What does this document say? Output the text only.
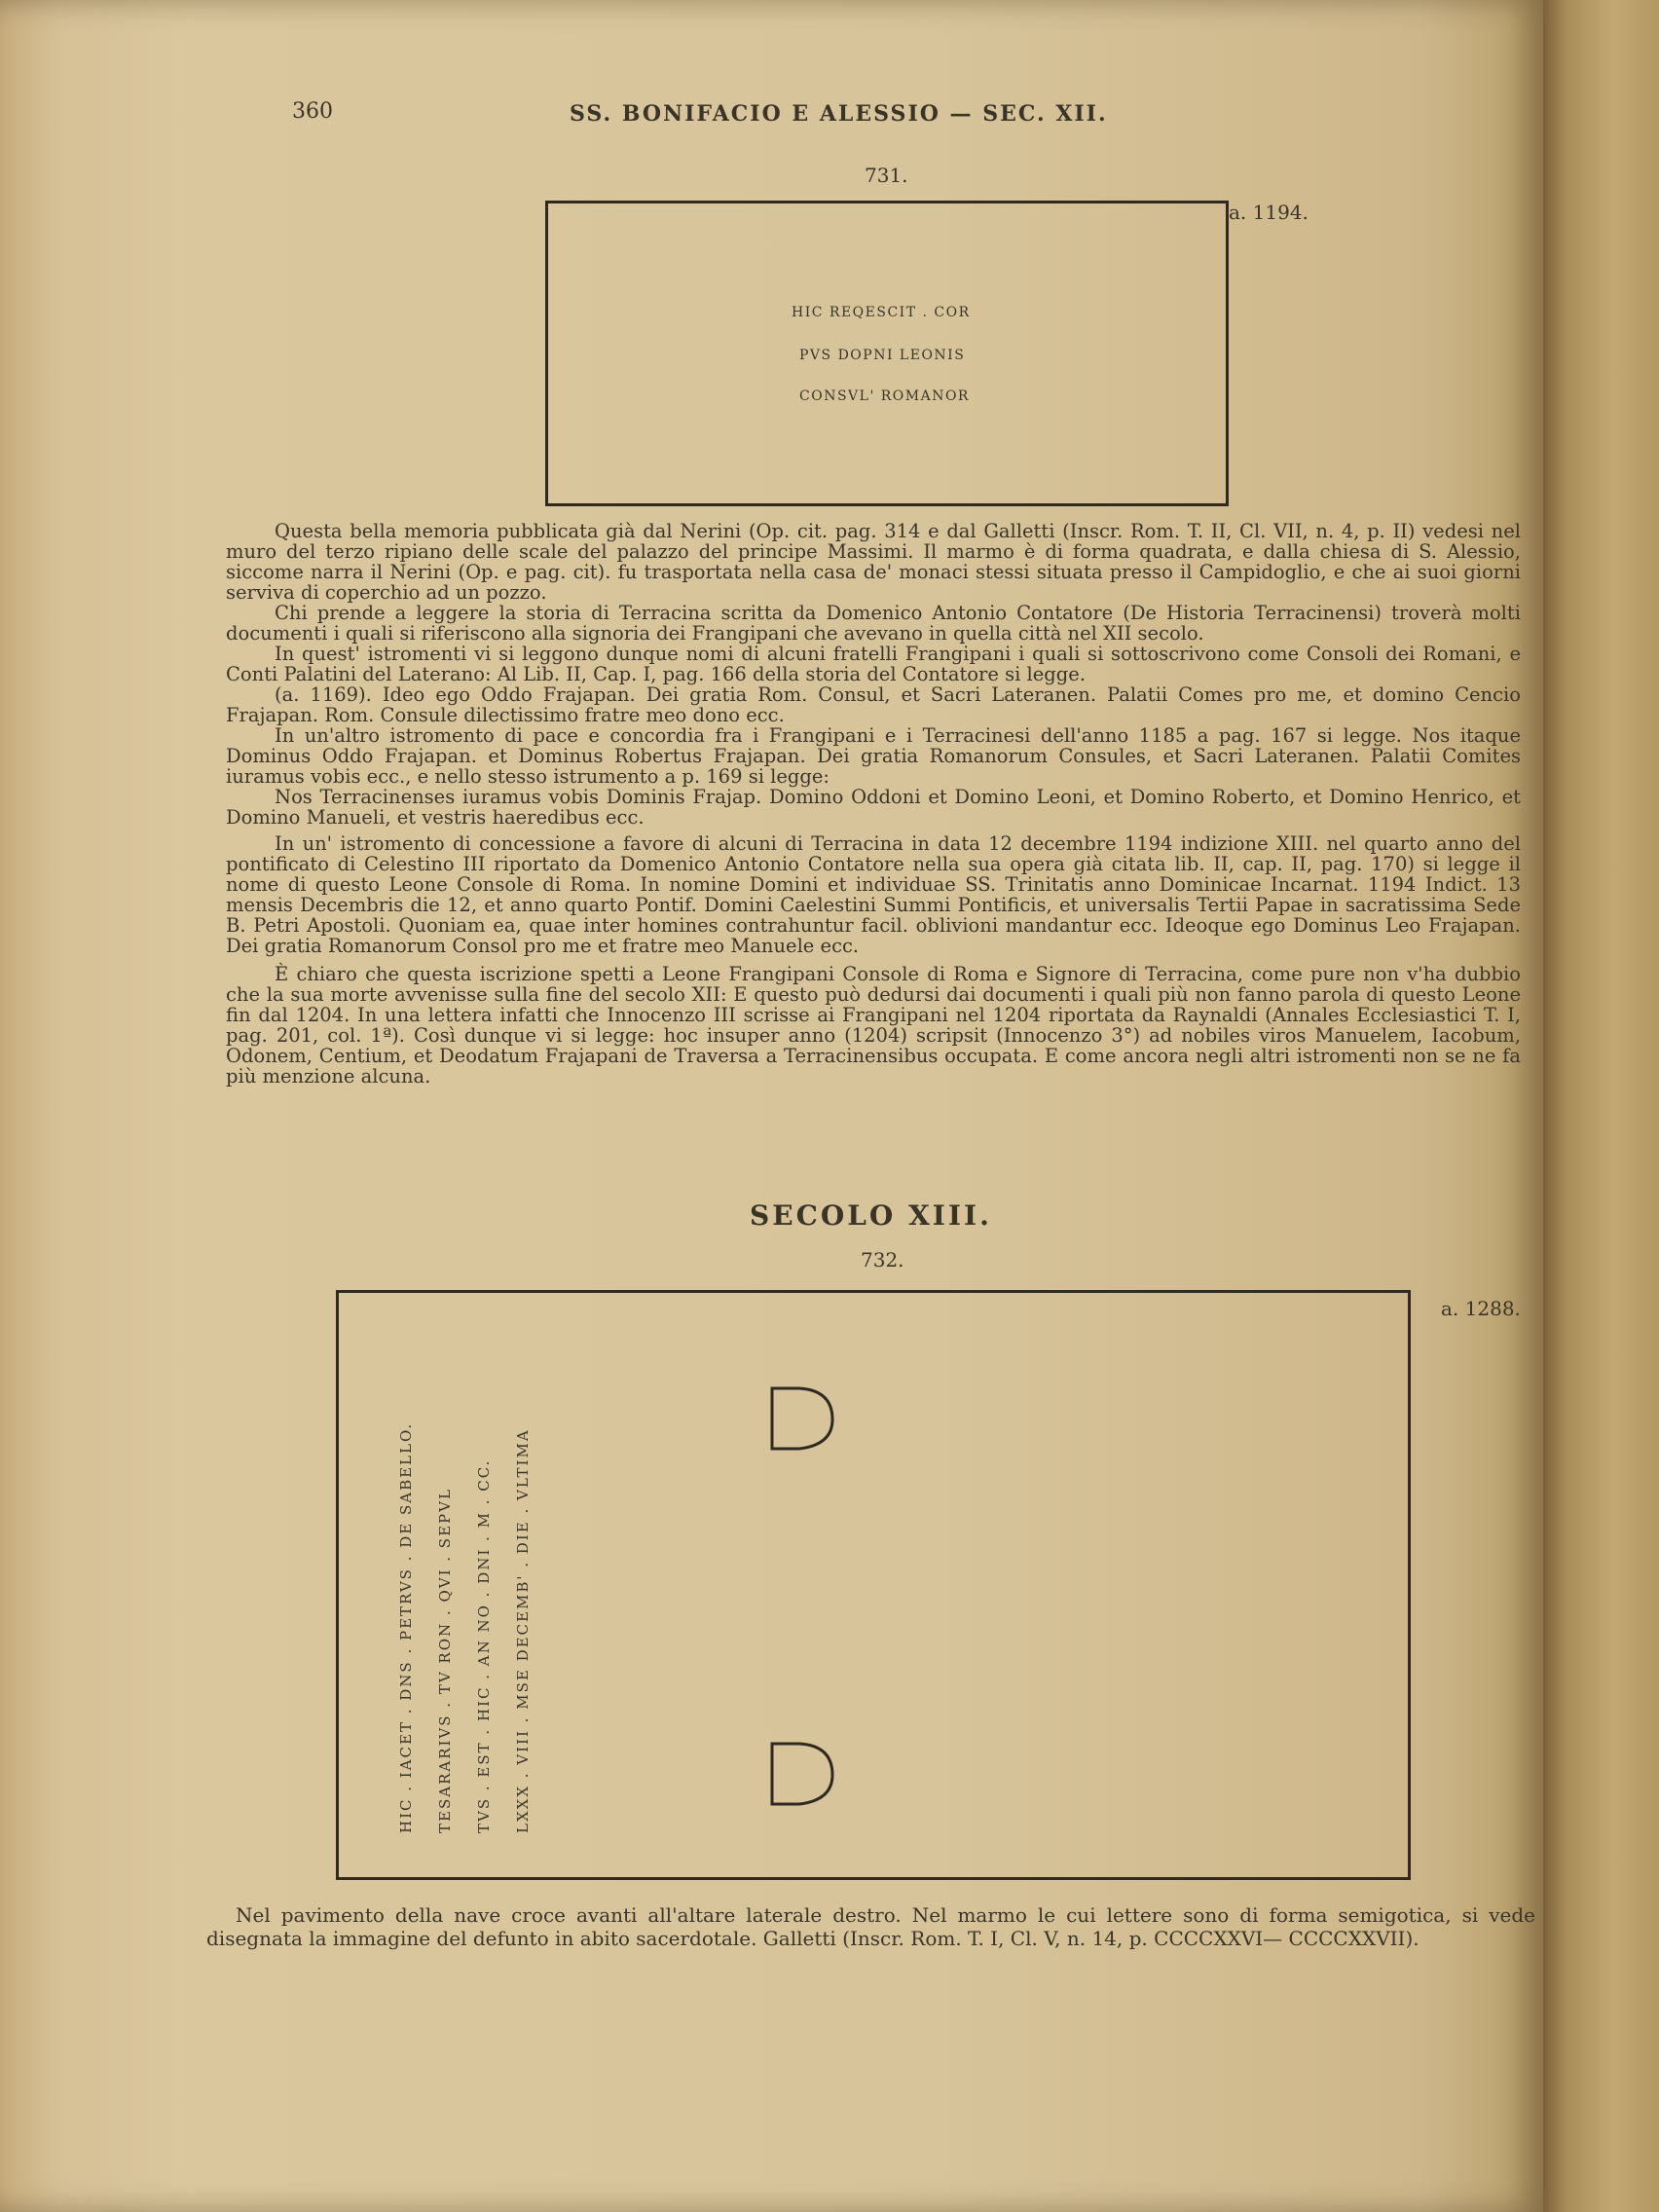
360	SS. BONIFACIO E ALESSIO — SEC. XII.
731.
a. 1194.
HIC REQESCIT . COR
PVS DOPNI LEONIS
CONSVL' ROMANOR

Questa bella memoria pubblicata già dal Nerini (Op. cit. pag. 314 e dal Galletti (Inscr. Rom. T. II, Cl. VII, n. 4, p. II) vedesi nel muro del terzo ripiano delle scale del palazzo del principe Massimi. Il marmo è di forma quadrata, e dalla chiesa di S. Alessio, siccome narra il Nerini (Op. e pag. cit). fu trasportata nella casa de' monaci stessi situata presso il Campidoglio, e che ai suoi giorni serviva di coperchio ad un pozzo.

Chi prende a leggere la storia di Terracina scritta da Domenico Antonio Contatore (De Historia Terracinensi) troverà molti documenti i quali si riferiscono alla signoria dei Frangipani che avevano in quella città nel XII secolo.

In quest' istromenti vi si leggono dunque nomi di alcuni fratelli Frangipani i quali si sottoscrivono come Consoli dei Romani, e Conti Palatini del Laterano: Al Lib. II, Cap. I, pag. 166 della storia del Contatore si legge.

(a. 1169). Ideo ego Oddo Frajapan. Dei gratia Rom. Consul, et Sacri Lateranen. Palatii Comes pro me, et domino Cencio Frajapan. Rom. Consule dilectissimo fratre meo dono ecc.

In un'altro istromento di pace e concordia fra i Frangipani e i Terracinesi dell'anno 1185 a pag. 167 si legge. Nos itaque Dominus Oddo Frajapan. et Dominus Robertus Frajapan. Dei gratia Romanorum Consules, et Sacri Lateranen. Palatii Comites iuramus vobis ecc., e nello stesso istrumento a p. 169 si legge:

Nos Terracinenses iuramus vobis Dominis Frajap. Domino Oddoni et Domino Leoni, et Domino Roberto, et Domino Henrico, et Domino Manueli, et vestris haeredibus ecc.

In un' istromento di concessione a favore di alcuni di Terracina in data 12 decembre 1194 indizione XIII. nel quarto anno del pontificato di Celestino III riportato da Domenico Antonio Contatore nella sua opera già citata lib. II, cap. II, pag. 170) si legge il nome di questo Leone Console di Roma. In nomine Domini et individuae SS. Trinitatis anno Dominicae Incarnat. 1194 Indict. 13 mensis Decembris die 12, et anno quarto Pontif. Domini Caelestini Summi Pontificis, et universalis Tertii Papae in sacratissima Sede B. Petri Apostoli. Quoniam ea, quae inter homines contrahuntur facil. oblivioni mandantur ecc. Ideoque ego Dominus Leo Frajapan. Dei gratia Romanorum Consol pro me et fratre meo Manuele ecc.

È chiaro che questa iscrizione spetti a Leone Frangipani Console di Roma e Signore di Terracina, come pure non v'ha dubbio che la sua morte avvenisse sulla fine del secolo XII: E questo può dedursi dai documenti i quali più non fanno parola di questo Leone fin dal 1204. In una lettera infatti che Innocenzo III scrisse ai Frangipani nel 1204 riportata da Raynaldi (Annales Ecclesiastici T. I, pag. 201, col. 1ª). Così dunque vi si legge: hoc insuper anno (1204) scripsit (Innocenzo 3°) ad nobiles viros Manuelem, Iacobum, Odonem, Centium, et Deodatum Frajapani de Traversa a Terracinensibus occupata. E come ancora negli altri istromenti non se ne fa più menzione alcuna.

SECOLO XIII.
732.
a. 1288.
HIC . IACET . DNS . PETRVS . DE SABELLO. TESARARIVS . TV RON . QVI . SEPVL TVS . EST . HIC . AN NO . DNI . M . CC. LXXX . VIII . MSE DECEMB' . DIE . VLTIMA

Nel pavimento della nave croce avanti all'altare laterale destro. Nel marmo le cui lettere sono di forma semigotica, si vede disegnata la immagine del defunto in abito sacerdotale. Galletti (Inscr. Rom. T. I, Cl. V, n. 14, p. CCCCXXVI— CCCCXXVII).
